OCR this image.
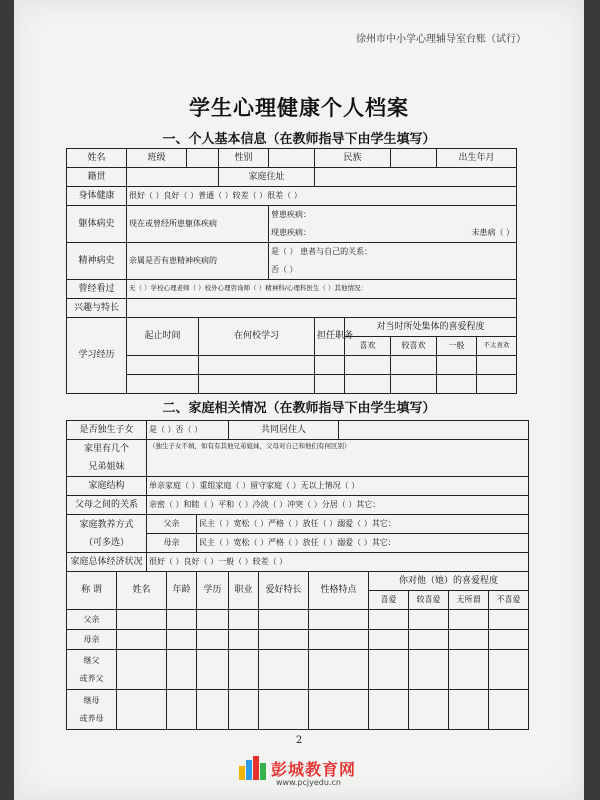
徐州市中小学心理辅导室台账（试行）
学生心理健康个人档案
一、个人基本信息（在教师指导下由学生填写）
姓名	班级			性别		民族			出生年月	
籍贯				家庭住址						
身体健康	很好（ ）良好（ ）普通（ ）较差（ ）很差（ ）									
躯体病史	现在或曾经所患躯体疾病				曾患疾病：
现患疾病： 未患病（ ）					

精神病史	亲属是否有患精神疾病的				是（ ） 患者与自己的关系：
否（ ）					

曾经看过	无（ ）学校心理老师（ ）校外心理咨询师（ ）精神科/心理科医生（ ）其他情况：									
兴趣与特长										
学习经历	起止时间		在何校学习			担任职务	对当时所处集体的喜爱程度			
							喜欢	较喜欢	一般	不太喜欢

二、家庭相关情况（在教师指导下由学生填写）
是否独生子女		是（ ）否（ ）			共同居住人							

家里有几个
兄弟姐妹		（独生子女不填，如有有其他兄弟姐妹，父母对自己和他们有何区别）										
家庭结构		单亲家庭（ ）重组家庭（ ）留守家庭（ ）无以上情况（ ）										
父母之间的关系		亲密（ ）和睦（ ）平和（ ）冷淡（ ）冲突（ ）分居（ ）其它：										

家庭教养方式
（可多选）		父亲		民主（ ）宽松（ ）严格（ ）放任（ ）溺爱（ ）其它：								
		母亲		民主（ ）宽松（ ）严格（ ）放任（ ）溺爱（ ）其它：								
家庭总体经济状况		很好（ ）良好（ ）一般（ ）较差（ ）										
称 谓	姓名		年龄	学历	职业	爱好特长	性格特点		你对他（她）的喜爱程度			
									喜爱	较喜爱	无所谓	不喜爱
父亲												
母亲												

继父
或养父												

继母
或养母												

2
彭城教育网
www.pcjyedu.cn
